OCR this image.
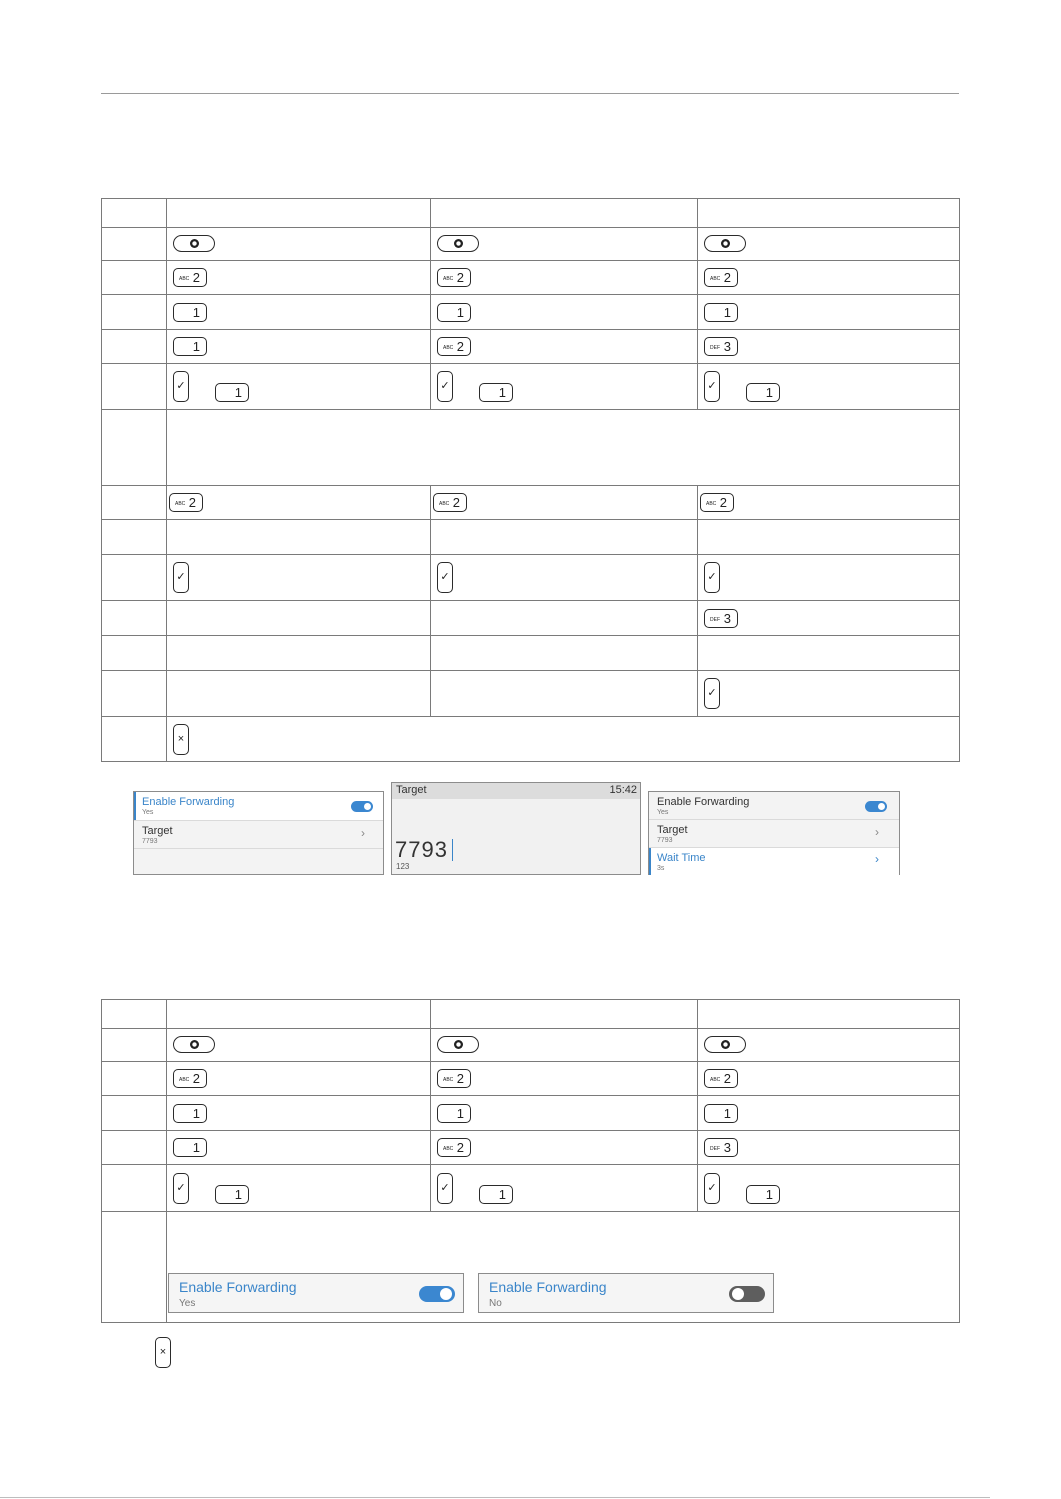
	ABC 2	ABC 2	ABC 2

	1	1	1

	1	ABC 2	DEF 3

	✓ 1	✓ 1	✓ 1

	ABC 2	ABC 2	ABC 2

	✓	✓	✓

			DEF 3

			✓
	×		
Enable Forwarding
Yes
Target
7793
›
Target	15:42
7793
123
Enable Forwarding
Yes
Target
7793
›
Wait Time
3s
›

	ABC 2	ABC 2	ABC 2

	1	1	1

	1	ABC 2	DEF 3

	✓ 1	✓ 1	✓ 1

Enable Forwarding
Yes
Enable Forwarding
No
×
